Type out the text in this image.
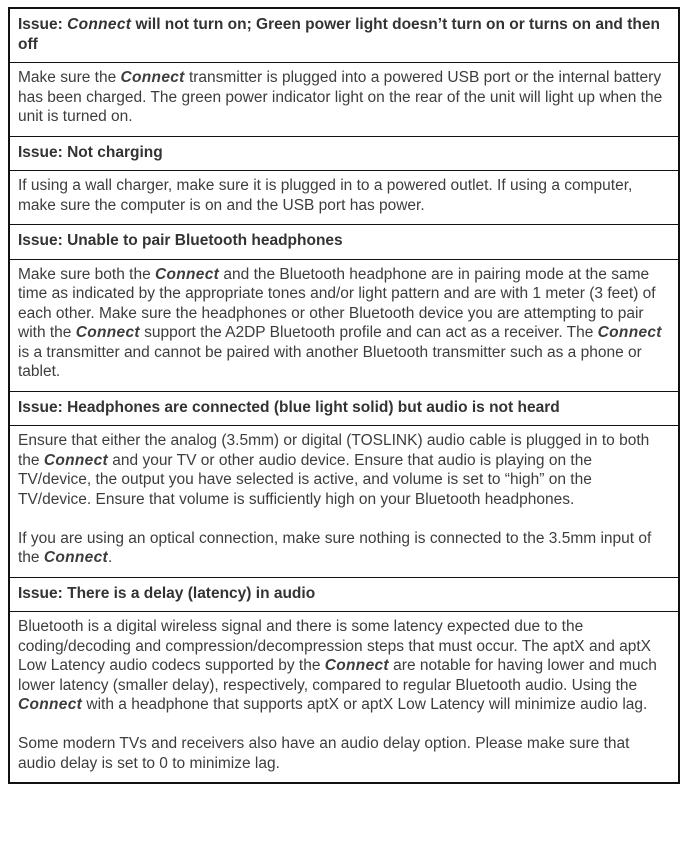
Issue: Connect will not turn on; Green power light doesn’t turn on or turns on and then off

Make sure the Connect transmitter is plugged into a powered USB port or the internal battery has been charged. The green power indicator light on the rear of the unit will light up when the unit is turned on.

Issue: Not charging

If using a wall charger, make sure it is plugged in to a powered outlet. If using a computer, make sure the computer is on and the USB port has power.

Issue: Unable to pair Bluetooth headphones

Make sure both the Connect and the Bluetooth headphone are in pairing mode at the same time as indicated by the appropriate tones and/or light pattern and are with 1 meter (3 feet) of each other. Make sure the headphones or other Bluetooth device you are attempting to pair with the Connect support the A2DP Bluetooth profile and can act as a receiver. The Connect is a transmitter and cannot be paired with another Bluetooth transmitter such as a phone or tablet.

Issue: Headphones are connected (blue light solid) but audio is not heard

Ensure that either the analog (3.5mm) or digital (TOSLINK) audio cable is plugged in to both the Connect and your TV or other audio device. Ensure that audio is playing on the TV/device, the output you have selected is active, and volume is set to “high” on the TV/device. Ensure that volume is sufficiently high on your Bluetooth headphones.

If you are using an optical connection, make sure nothing is connected to the 3.5mm input of the Connect.

Issue: There is a delay (latency) in audio

Bluetooth is a digital wireless signal and there is some latency expected due to the coding/decoding and compression/decompression steps that must occur. The aptX and aptX Low Latency audio codecs supported by the Connect are notable for having lower and much lower latency (smaller delay), respectively, compared to regular Bluetooth audio. Using the Connect with a headphone that supports aptX or aptX Low Latency will minimize audio lag.

Some modern TVs and receivers also have an audio delay option. Please make sure that audio delay is set to 0 to minimize lag.
